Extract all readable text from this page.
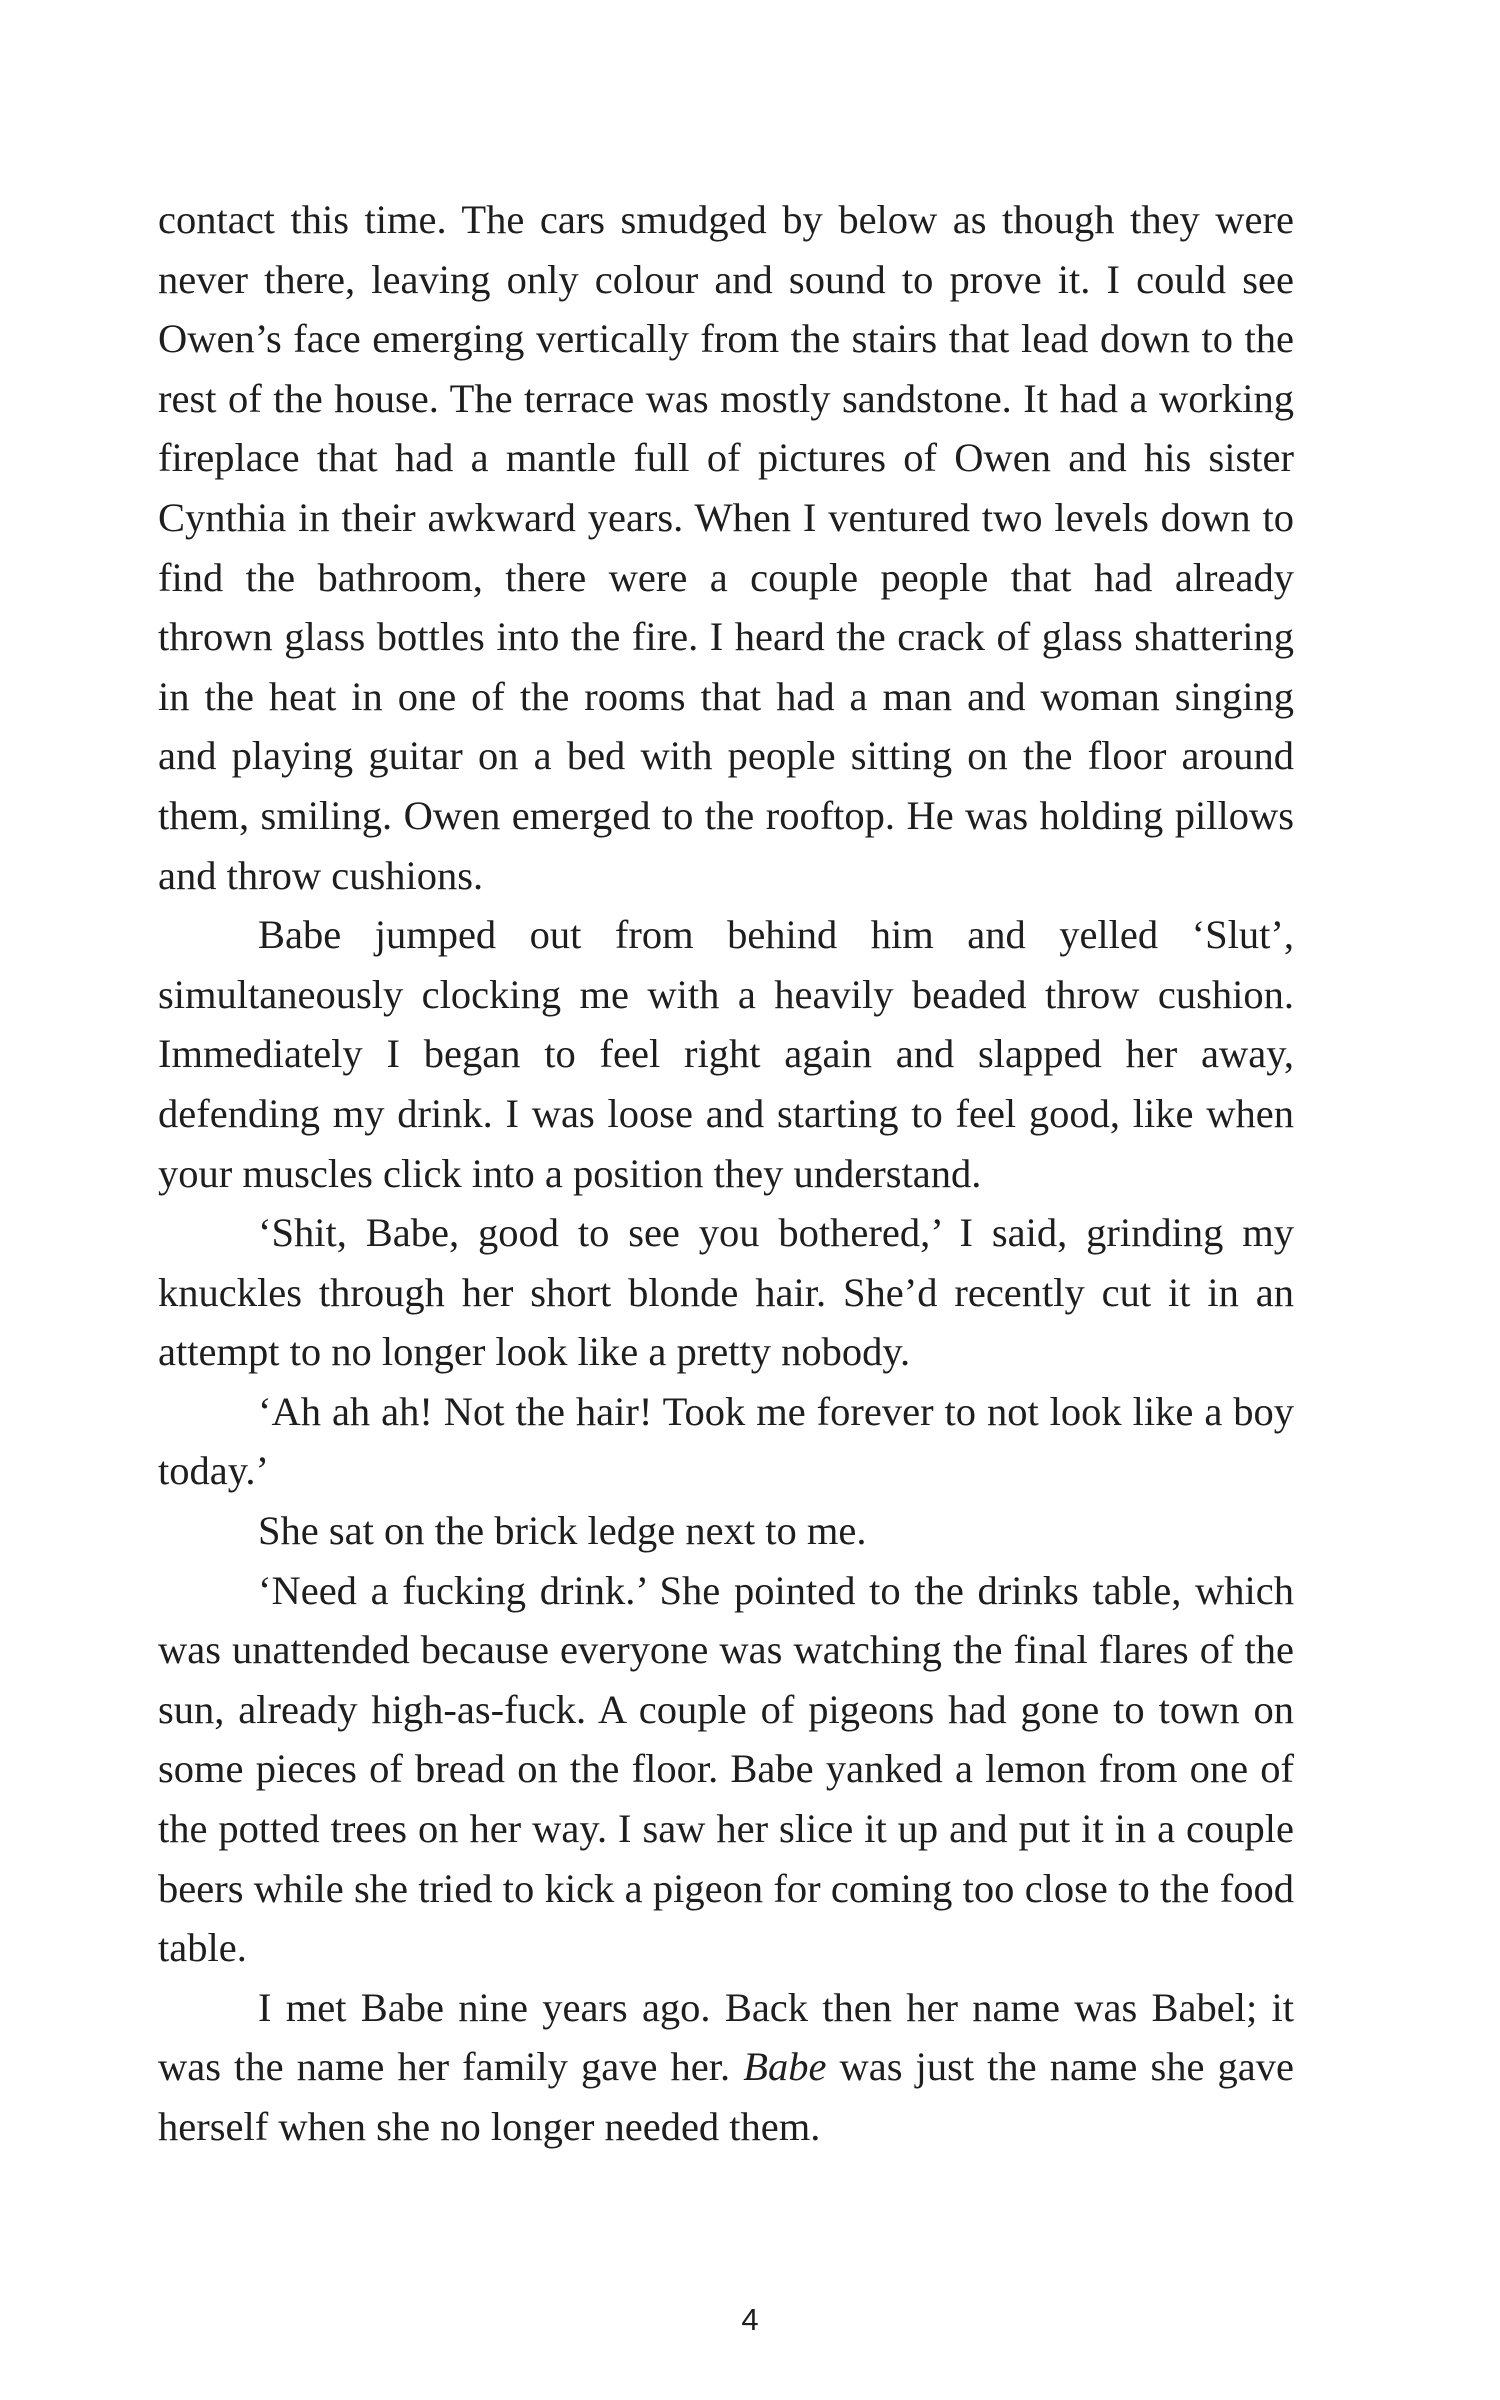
contact this time. The cars smudged by below as though they were never there, leaving only colour and sound to prove it. I could see Owen’s face emerging vertically from the stairs that lead down to the rest of the house. The terrace was mostly sandstone. It had a working fireplace that had a mantle full of pictures of Owen and his sister Cynthia in their awkward years. When I ventured two levels down to find the bathroom, there were a couple people that had already thrown glass bottles into the fire. I heard the crack of glass shattering in the heat in one of the rooms that had a man and woman singing and playing guitar on a bed with people sitting on the floor around them, smiling. Owen emerged to the rooftop. He was holding pillows and throw cushions.

Babe jumped out from behind him and yelled ‘Slut’, simultaneously clocking me with a heavily beaded throw cushion. Immediately I began to feel right again and slapped her away, defending my drink. I was loose and starting to feel good, like when your muscles click into a position they understand.

‘Shit, Babe, good to see you bothered,’ I said, grinding my knuckles through her short blonde hair. She’d recently cut it in an attempt to no longer look like a pretty nobody.

‘Ah ah ah! Not the hair! Took me forever to not look like a boy today.’

She sat on the brick ledge next to me.

‘Need a fucking drink.’ She pointed to the drinks table, which was unattended because everyone was watching the final flares of the sun, already high-as-fuck. A couple of pigeons had gone to town on some pieces of bread on the floor. Babe yanked a lemon from one of the potted trees on her way. I saw her slice it up and put it in a couple beers while she tried to kick a pigeon for coming too close to the food table.

I met Babe nine years ago. Back then her name was Babel; it was the name her family gave her. Babe was just the name she gave herself when she no longer needed them.

4
